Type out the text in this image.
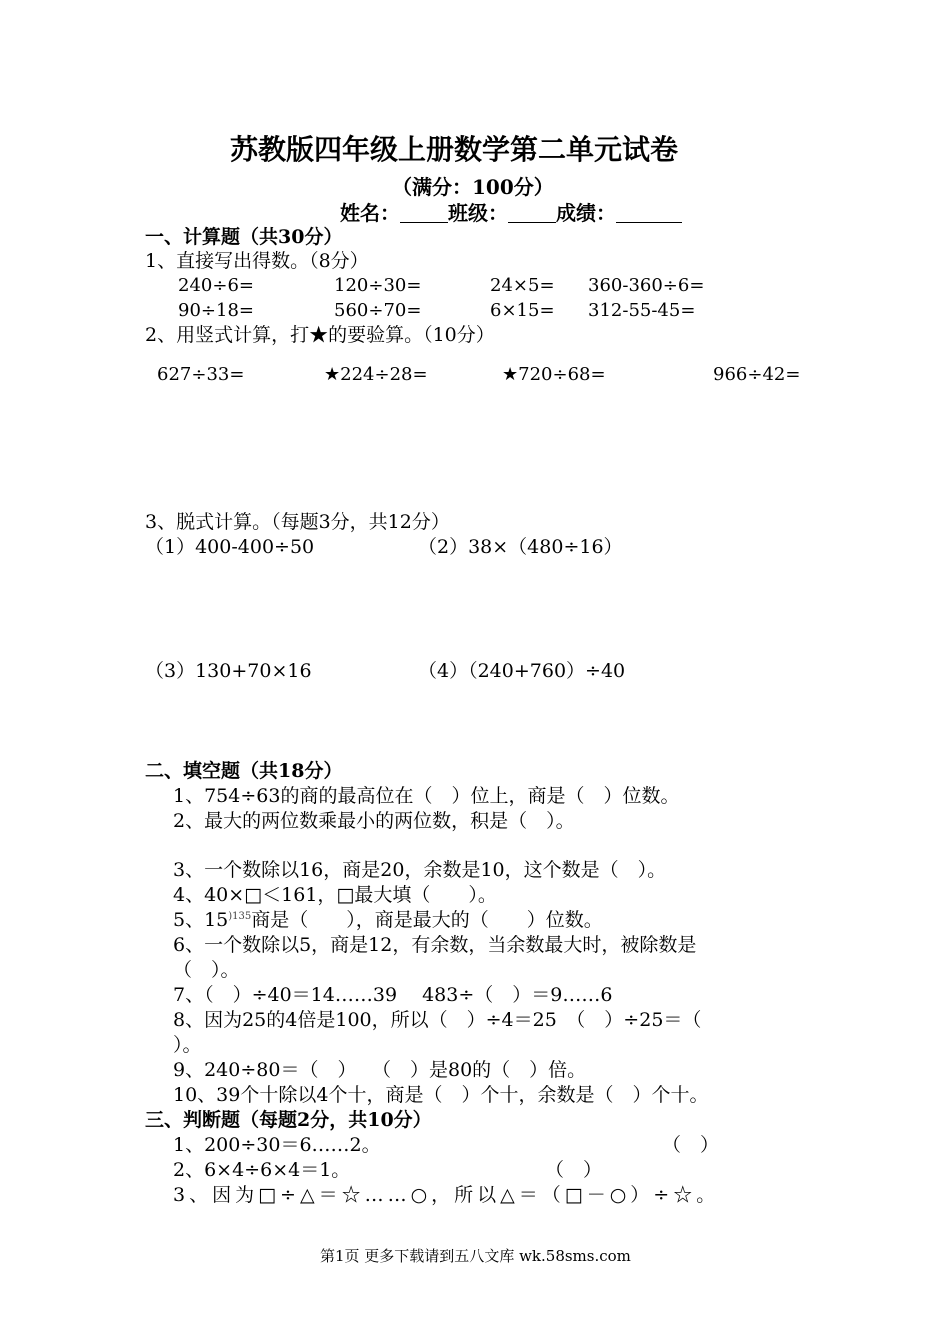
苏教版四年级上册数学第二单元试卷
（满分：100分）
姓名： 班级： 成绩：
一、计算题（共30分）
1、直接写出得数。（8分）
240÷6=	120÷30=	24×5= 360-360÷6=
90÷18=	560÷70=	6×15= 312-55-45=
2、用竖式计算，打★的要验算。（10分）
627÷33=	★224÷28=	★720÷68=	966÷42=
3、脱式计算。（每题3分，共12分）
（1）400-400÷50	（2）38×（480÷16）
（3）130+70×16	（4）（240+760）÷40
二、填空题（共18分）
1、754÷63的商的最高位在（　）位上，商是（　）位数。
2、最大的两位数乘最小的两位数，积是（　）。
3、一个数除以16，商是20，余数是10，这个数是（　）。
4、40×□＜161，□最大填（　　）。
5、$15^{)135}$商是（　　），商是最大的（　　）位数。
6、一个数除以5，商是12，有余数，当余数最大时，被除数是
（　）。
7、（　）÷40＝14……39　 483÷（　）＝9……6
8、因为25的4倍是100，所以（　）÷4＝25　（　）÷25＝（
）。
9、240÷80＝（　）　 （　）是80的（　）倍。
10、39个十除以4个十，商是（　）个十，余数是（　）个十。
三、判断题（每题2分，共10分）
1、200÷30＝6……2。	（　）
2、6×4÷6×4＝1。	（　）
3、因为□÷△＝☆……○，所以△＝（□－○）÷☆。
第1页 更多下载请到五八文库 wk.58sms.com
